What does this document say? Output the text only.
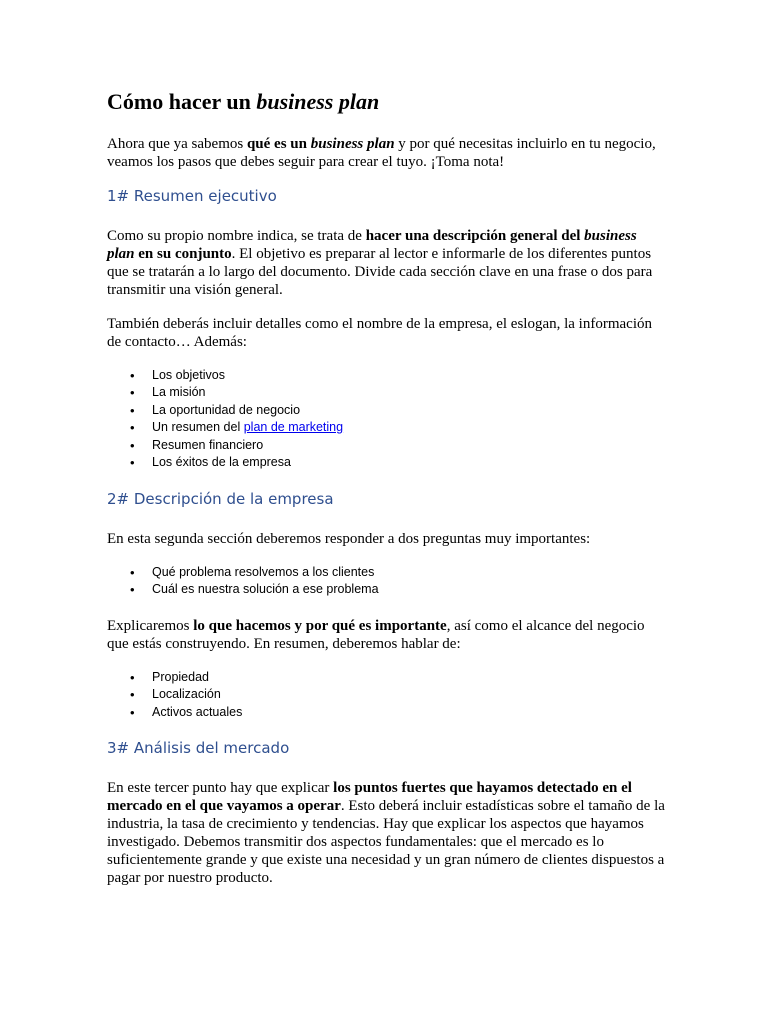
Cómo hacer un business plan

Ahora que ya sabemos qué es un business plan y por qué necesitas incluirlo en tu negocio, veamos los pasos que debes seguir para crear el tuyo. ¡Toma nota!

1# Resumen ejecutivo

Como su propio nombre indica, se trata de hacer una descripción general del business plan en su conjunto. El objetivo es preparar al lector e informarle de los diferentes puntos que se tratarán a lo largo del documento. Divide cada sección clave en una frase o dos para transmitir una visión general.

También deberás incluir detalles como el nombre de la empresa, el eslogan, la información de contacto… Además:

• Los objetivos
• La misión
• La oportunidad de negocio
• Un resumen del plan de marketing
• Resumen financiero
• Los éxitos de la empresa
2# Descripción de la empresa

En esta segunda sección deberemos responder a dos preguntas muy importantes:

• Qué problema resolvemos a los clientes
• Cuál es nuestra solución a ese problema

Explicaremos lo que hacemos y por qué es importante, así como el alcance del negocio que estás construyendo. En resumen, deberemos hablar de:

• Propiedad
• Localización
• Activos actuales
3# Análisis del mercado

En este tercer punto hay que explicar los puntos fuertes que hayamos detectado en el mercado en el que vayamos a operar. Esto deberá incluir estadísticas sobre el tamaño de la industria, la tasa de crecimiento y tendencias. Hay que explicar los aspectos que hayamos investigado. Debemos transmitir dos aspectos fundamentales: que el mercado es lo suficientemente grande y que existe una necesidad y un gran número de clientes dispuestos a pagar por nuestro producto.
